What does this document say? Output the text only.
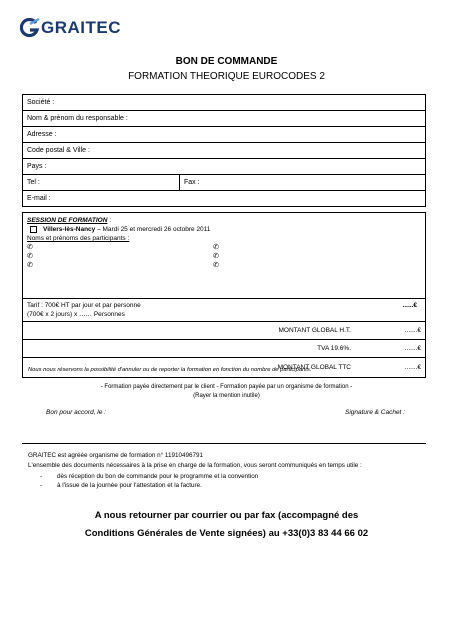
GRAITEC
BON DE COMMANDE
FORMATION THEORIQUE EUROCODES 2
Société :
Nom & prénom du responsable :
Adresse :
Code postal & Ville :
Pays :
Tel :	Fax :
E-mail :
SESSION DE FORMATION :
Villers-lès-Nancy – Mardi 25 et mercredi 26 octobre 2011
Noms et prénoms des participants :
✆	✆
✆	✆
✆	✆
Tarif : 700€ HT par jour et par personne	......€
(700€ x 2 jours) x …… Personnes
MONTANT GLOBAL H.T.	.......€
TVA 19.6%.	.......€
MONTANT GLOBAL TTC	.......€
Nous nous réservons la possibilité d'annuler ou de reporter la formation en fonction du nombre de participants.
- Formation payée directement par le client - Formation payée par un organisme de formation -
(Rayer la mention inutile)
Bon pour accord, le :	Signature & Cachet :
GRAITEC est agréée organisme de formation n° 11910496791
L'ensemble des documents nécessaires à la prise en charge de la formation, vous seront communiqués en temps utile :
- dès réception du bon de commande pour le programme et la convention
- à l'issue de la journée pour l'attestation et la facture.
A nous retourner par courrier ou par fax (accompagné des
Conditions Générales de Vente signées) au +33(0)3 83 44 66 02
